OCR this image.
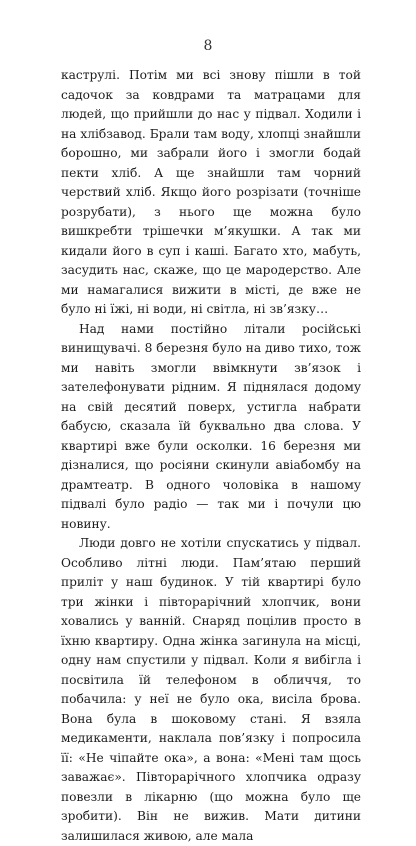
8

каструлі. Потім ми всі знову пішли в той садочок за ковдрами та матрацами для людей, що прийшли до нас у підвал. Ходили і на хлібзавод. Брали там воду, хлопці знайшли борошно, ми забрали його і змогли бодай пекти хліб. А ще знайшли там чорний черствий хліб. Якщо його розрізати (точніше розрубати), з нього ще можна було вишкребти трішечки м’якушки. А так ми кидали його в суп і каші. Багато хто, мабуть, засудить нас, скаже, що це мародерство. Але ми намагалися вижити в місті, де вже не було ні їжі, ні води, ні світла, ні зв’язку…

Над нами постійно літали російські винищувачі. 8 березня було на диво тихо, тож ми навіть змогли ввімкнути зв’язок і зателефонувати рідним. Я піднялася додому на свій десятий поверх, устигла набрати бабусю, сказала їй буквально два слова. У квартирі вже були осколки. 16 березня ми дізналися, що росіяни скинули авіабомбу на драмтеатр. В одного чоловіка в нашому підвалі було радіо — так ми і почули цю новину.

Люди довго не хотіли спускатись у підвал. Особливо літні люди. Пам’ятаю перший приліт у наш будинок. У тій квартирі було три жінки і півторарічний хлопчик, вони ховались у ванній. Снаряд поцілив просто в їхню квартиру. Одна жінка загинула на місці, одну нам спустили у підвал. Коли я вибігла і посвітила їй телефоном в обличчя, то побачила: у неї не було ока, висіла брова. Вона була в шоковому стані. Я взяла медикаменти, наклала пов’язку і попросила її: «Не чіпайте ока», а вона: «Мені там щось заважає». Півторарічного хлопчика одразу повезли в лікарню (що можна було ще зробити). Він не вижив. Мати дитини залишилася живою, але мала
